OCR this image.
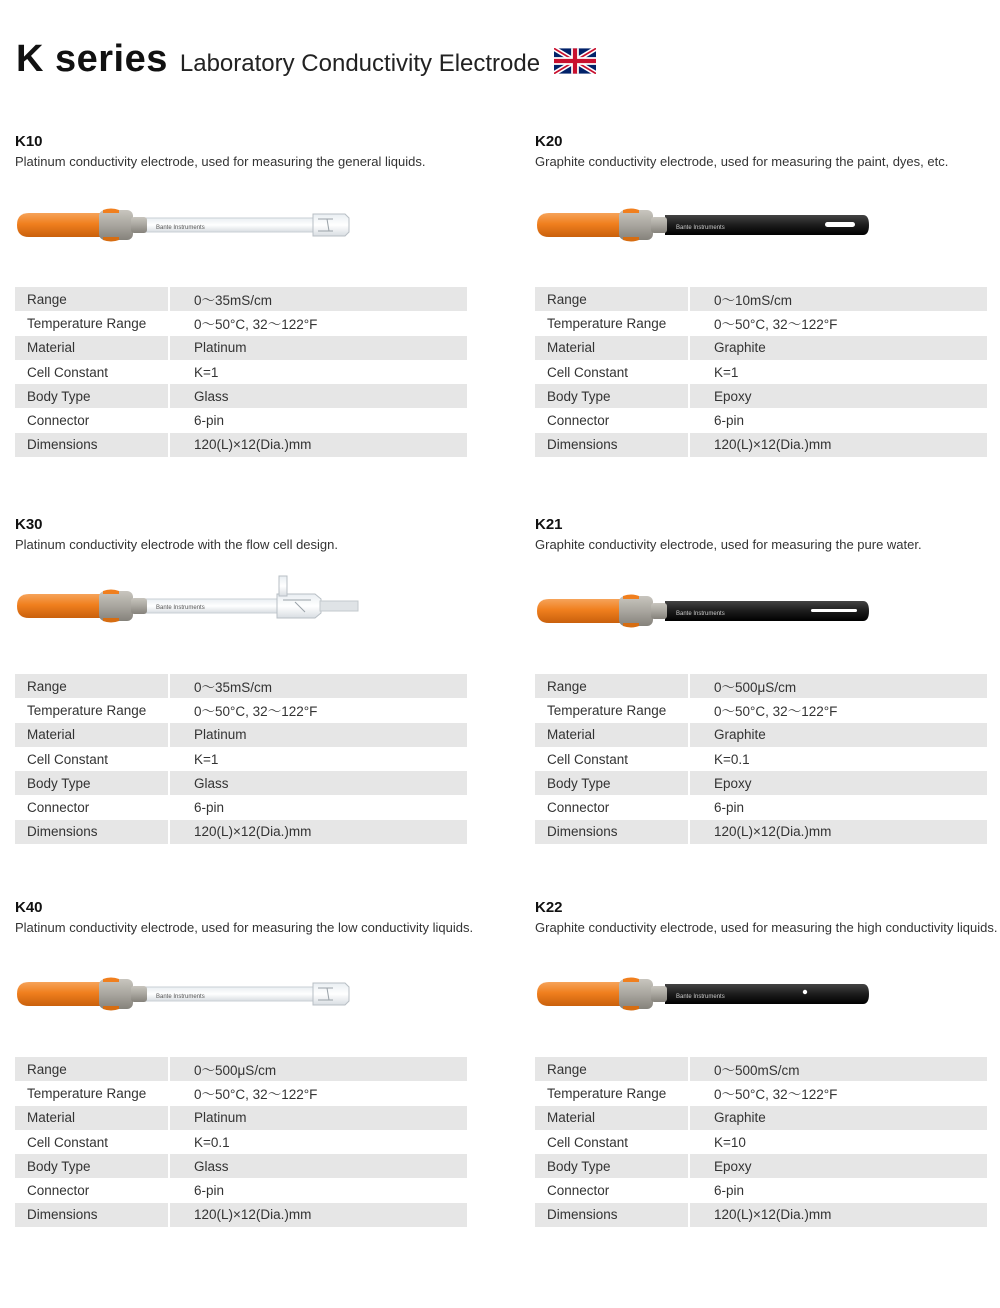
K series Laboratory Conductivity Electrode
K10
Platinum conductivity electrode, used for measuring the general liquids.
Bante Instruments
Range	0～35mS/cm
Temperature Range	0～50°C, 32～122°F
Material	Platinum
Cell Constant	K=1
Body Type	Glass
Connector	6-pin
Dimensions	120(L)×12(Dia.)mm
K20
Graphite conductivity electrode, used for measuring the paint, dyes, etc.
Bante Instruments
Range	0～10mS/cm
Temperature Range	0～50°C, 32～122°F
Material	Graphite
Cell Constant	K=1
Body Type	Epoxy
Connector	6-pin
Dimensions	120(L)×12(Dia.)mm
K30
Platinum conductivity electrode with the flow cell design.
Bante Instruments
Range	0～35mS/cm
Temperature Range	0～50°C, 32～122°F
Material	Platinum
Cell Constant	K=1
Body Type	Glass
Connector	6-pin
Dimensions	120(L)×12(Dia.)mm
K21
Graphite conductivity electrode, used for measuring the pure water.
Bante Instruments
Range	0～500μS/cm
Temperature Range	0～50°C, 32～122°F
Material	Graphite
Cell Constant	K=0.1
Body Type	Epoxy
Connector	6-pin
Dimensions	120(L)×12(Dia.)mm
K40
Platinum conductivity electrode, used for measuring the low conductivity liquids.
Bante Instruments
Range	0～500μS/cm
Temperature Range	0～50°C, 32～122°F
Material	Platinum
Cell Constant	K=0.1
Body Type	Glass
Connector	6-pin
Dimensions	120(L)×12(Dia.)mm
K22
Graphite conductivity electrode, used for measuring the high conductivity liquids.
Bante Instruments
Range	0～500mS/cm
Temperature Range	0～50°C, 32～122°F
Material	Graphite
Cell Constant	K=10
Body Type	Epoxy
Connector	6-pin
Dimensions	120(L)×12(Dia.)mm
